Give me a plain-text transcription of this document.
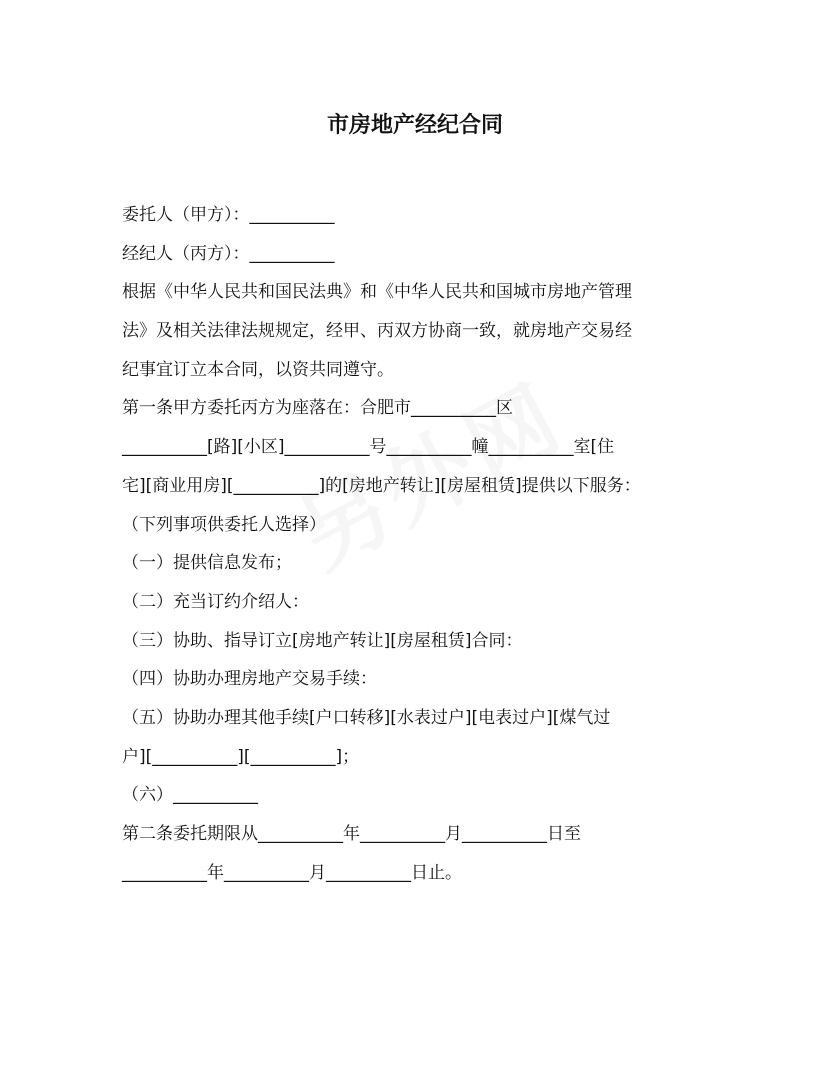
市房地产经纪合同
委托人（甲方）：__________
经纪人（丙方）：__________
根据《中华人民共和国民法典》和《中华人民共和国城市房地产管理
法》及相关法律法规规定，经甲、丙双方协商一致，就房地产交易经
纪事宜订立本合同，以资共同遵守。
第一条甲方委托丙方为座落在：合肥市__________区
__________[路][小区]__________号__________幢__________室[住
宅][商业用房][__________]的[房地产转让][房屋租赁]提供以下服务：
（下列事项供委托人选择）
（一）提供信息发布；
（二）充当订约介绍人：
（三）协助、指导订立[房地产转让][房屋租赁]合同：
（四）协助办理房地产交易手续：
（五）协助办理其他手续[户口转移][水表过户][电表过户][煤气过
户][__________][__________]；
（六）__________
第二条委托期限从__________年__________月__________日至
__________年__________月__________日止。
